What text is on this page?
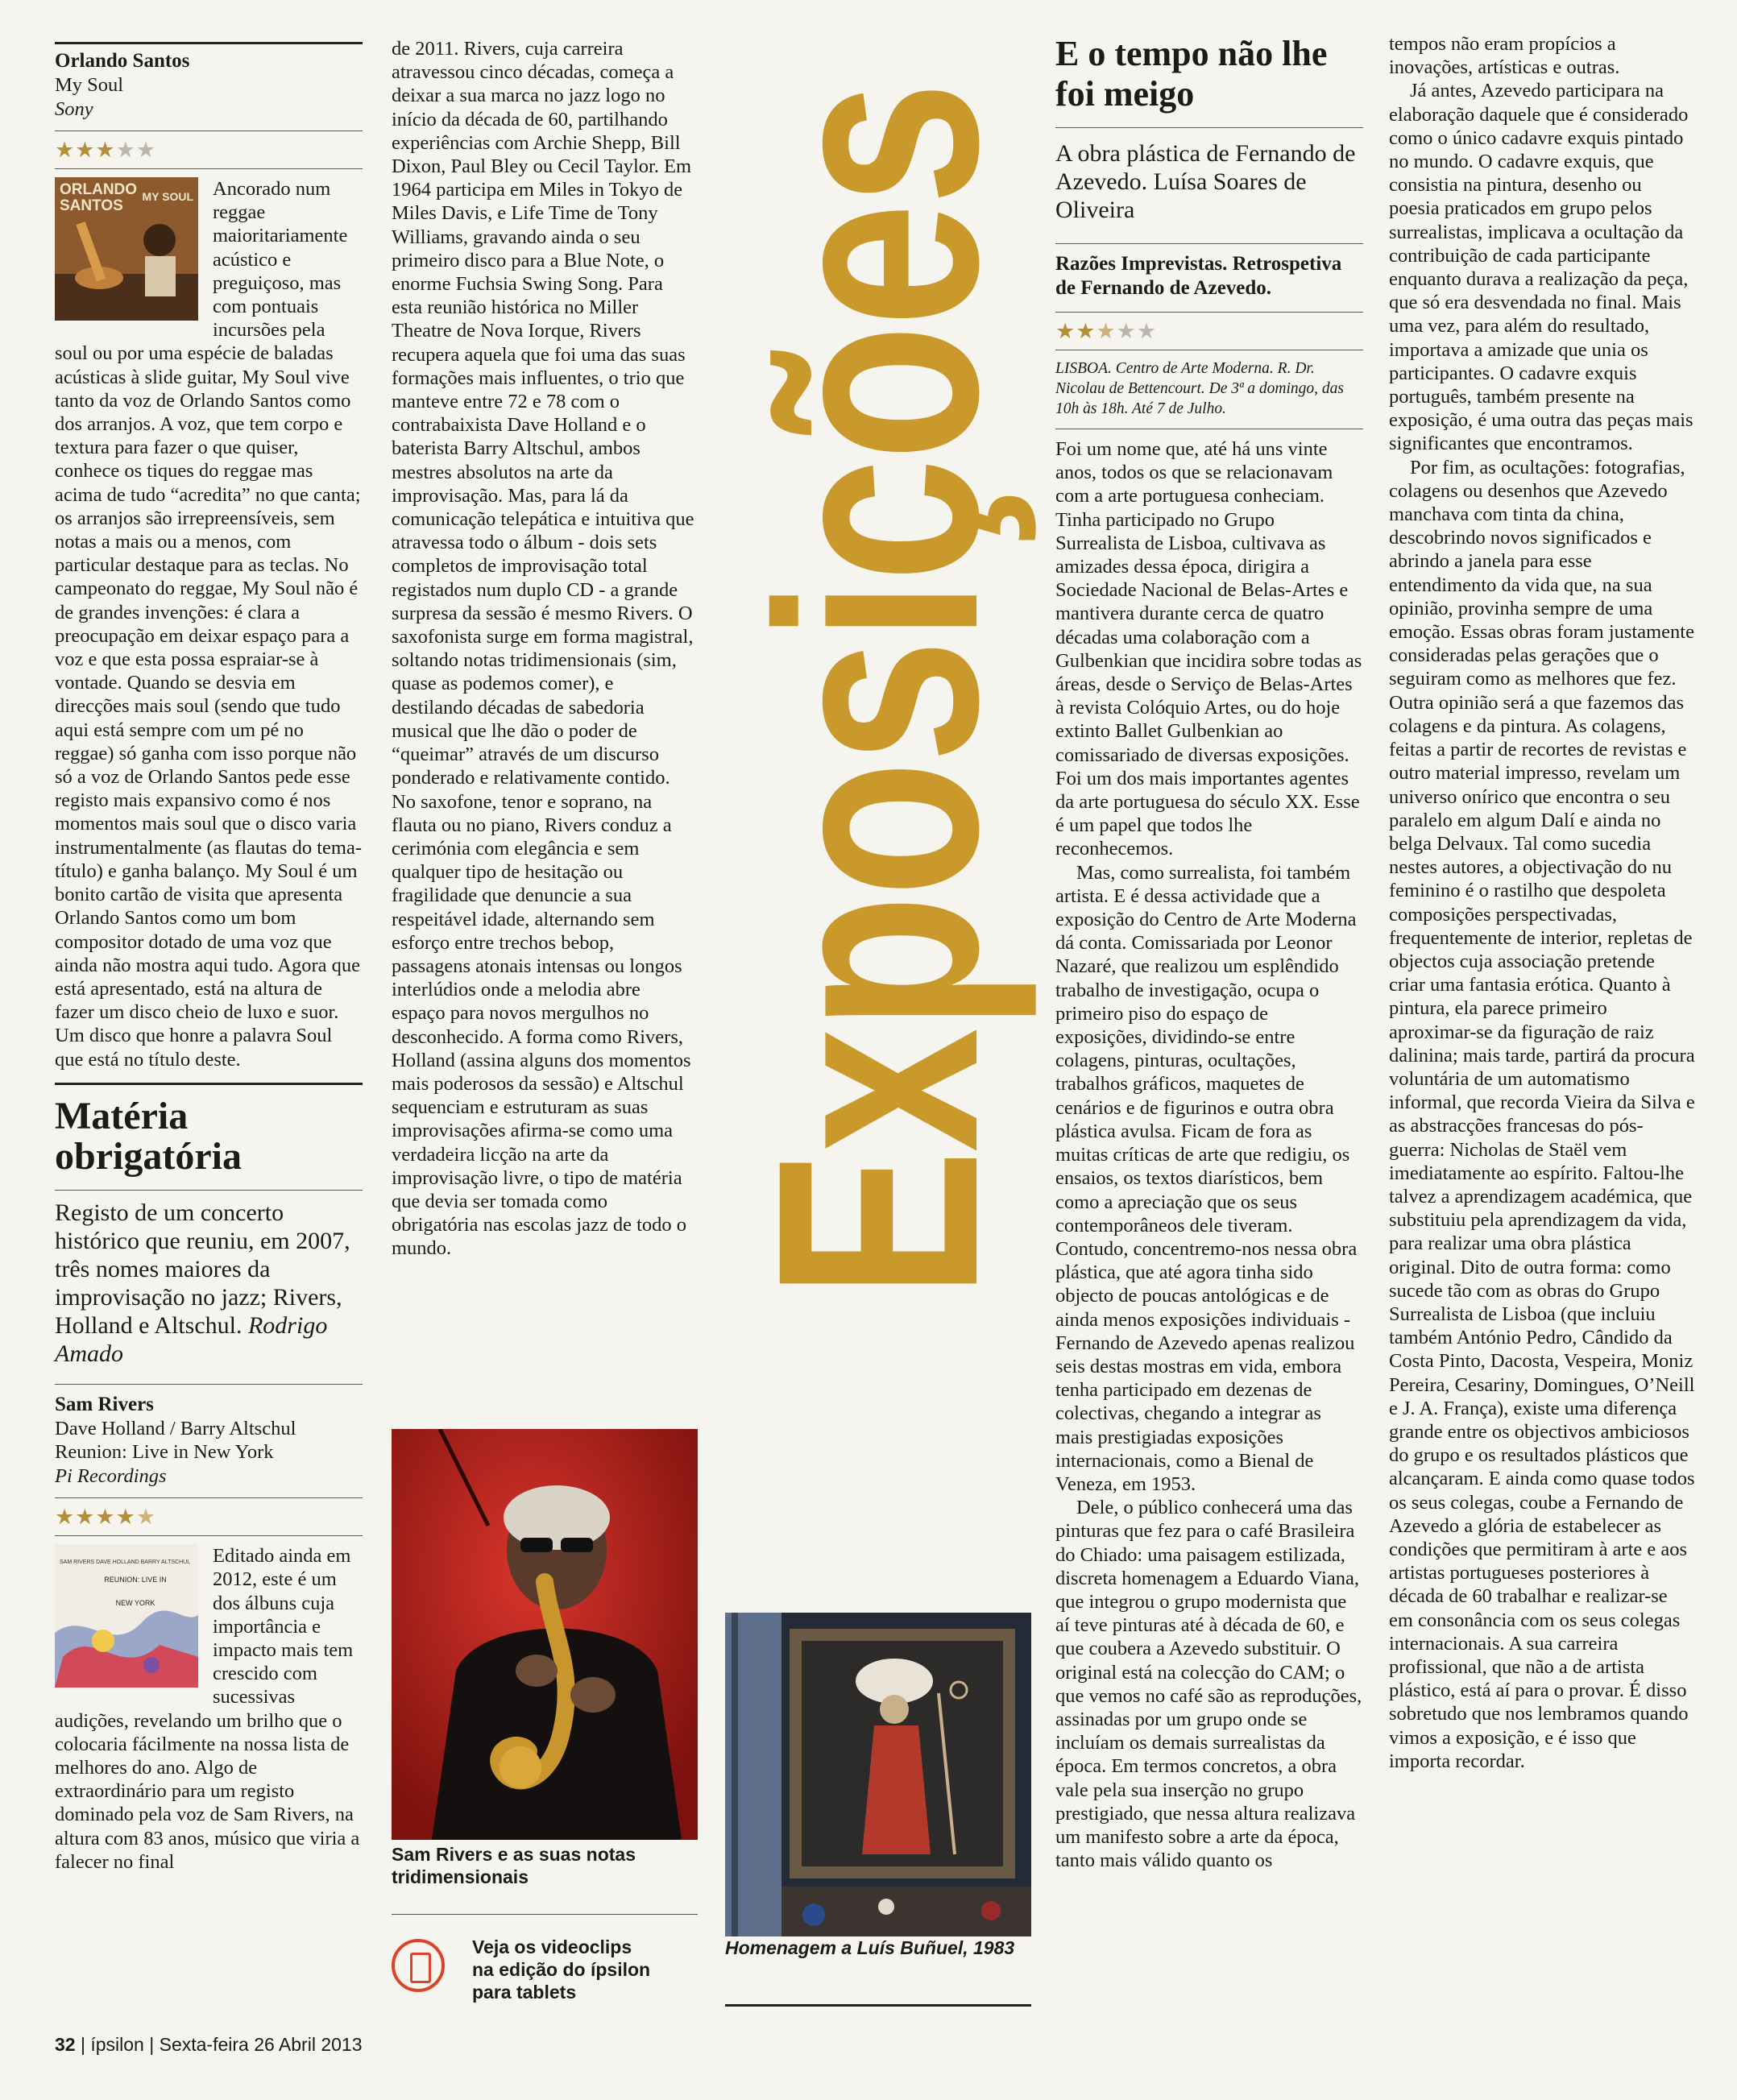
Orlando Santos
My Soul
Sony
★★★★★
ORLANDO SANTOS
MY SOUL Ancorado num reggae maioritariamente acústico e preguiçoso, mas com pontuais incursões pela soul ou por uma espécie de baladas acústicas à slide guitar, My Soul vive tanto da voz de Orlando Santos como dos arranjos. A voz, que tem corpo e textura para fazer o que quiser, conhece os tiques do reggae mas acima de tudo “acredita” no que canta; os arranjos são irrepreensíveis, sem notas a mais ou a menos, com particular destaque para as teclas. No campeonato do reggae, My Soul não é de grandes invenções: é clara a preocupação em deixar espaço para a voz e que esta possa espraiar-se à vontade. Quando se desvia em direcções mais soul (sendo que tudo aqui está sempre com um pé no reggae) só ganha com isso porque não só a voz de Orlando Santos pede esse registo mais expansivo como é nos momentos mais soul que o disco varia instrumentalmente (as flautas do tema-título) e ganha balanço. My Soul é um bonito cartão de visita que apresenta Orlando Santos como um bom compositor dotado de uma voz que ainda não mostra aqui tudo. Agora que está apresentado, está na altura de fazer um disco cheio de luxo e suor. Um disco que honre a palavra Soul que está no título deste.

Matéria obrigatória
Registo de um concerto histórico que reuniu, em 2007, três nomes maiores da improvisação no jazz; Rivers, Holland e Altschul. Rodrigo Amado
Sam Rivers
Dave Holland / Barry Altschul
Reunion: Live in New York
Pi Recordings
★★★★★
SAM RIVERS DAVE HOLLAND BARRY ALTSCHUL
REUNION: LIVE IN NEW YORK

Editado ainda em 2012, este é um dos álbuns cuja importância e impacto mais tem crescido com sucessivas audições, revelando um brilho que o colocaria fácilmente na nossa lista de melhores do ano. Algo de extraordinário para um registo dominado pela voz de Sam Rivers, na altura com 83 anos, músico que viria a falecer no final

de 2011. Rivers, cuja carreira atravessou cinco décadas, começa a deixar a sua marca no jazz logo no início da década de 60, partilhando experiências com Archie Shepp, Bill Dixon, Paul Bley ou Cecil Taylor. Em 1964 participa em Miles in Tokyo de Miles Davis, e Life Time de Tony Williams, gravando ainda o seu primeiro disco para a Blue Note, o enorme Fuchsia Swing Song. Para esta reunião histórica no Miller Theatre de Nova Iorque, Rivers recupera aquela que foi uma das suas formações mais influentes, o trio que manteve entre 72 e 78 com o contrabaixista Dave Holland e o baterista Barry Altschul, ambos mestres absolutos na arte da improvisação. Mas, para lá da comunicação telepática e intuitiva que atravessa todo o álbum - dois sets completos de improvisação total registados num duplo CD - a grande surpresa da sessão é mesmo Rivers. O saxofonista surge em forma magistral, soltando notas tridimensionais (sim, quase as podemos comer), e destilando décadas de sabedoria musical que lhe dão o poder de “queimar” através de um discurso ponderado e relativamente contido. No saxofone, tenor e soprano, na flauta ou no piano, Rivers conduz a cerimónia com elegância e sem qualquer tipo de hesitação ou fragilidade que denuncie a sua respeitável idade, alternando sem esforço entre trechos bebop, passagens atonais intensas ou longos interlúdios onde a melodia abre espaço para novos mergulhos no desconhecido. A forma como Rivers, Holland (assina alguns dos momentos mais poderosos da sessão) e Altschul sequenciam e estruturam as suas improvisações afirma-se como uma verdadeira licção na arte da improvisação livre, o tipo de matéria que devia ser tomada como obrigatória nas escolas jazz de todo o mundo.

Sam Rivers e as suas notas tridimensionais
Veja os videoclips na edição do ípsilon para tablets
Exposições
Homenagem a Luís Buñuel, 1983
E o tempo não lhe foi meigo
A obra plástica de Fernando de Azevedo. Luísa Soares de Oliveira
Razões Imprevistas. Retrospetiva de Fernando de Azevedo.
★★★★★
LISBOA. Centro de Arte Moderna. R. Dr. Nicolau de Bettencourt. De 3ª a domingo, das 10h às 18h. Até 7 de Julho.

Foi um nome que, até há uns vinte anos, todos os que se relacionavam com a arte portuguesa conheciam. Tinha participado no Grupo Surrealista de Lisboa, cultivava as amizades dessa época, dirigira a Sociedade Nacional de Belas-Artes e mantivera durante cerca de quatro décadas uma colaboração com a Gulbenkian que incidira sobre todas as áreas, desde o Serviço de Belas-Artes à revista Colóquio Artes, ou do hoje extinto Ballet Gulbenkian ao comissariado de diversas exposições. Foi um dos mais importantes agentes da arte portuguesa do século XX. Esse é um papel que todos lhe reconhecemos.

Mas, como surrealista, foi também artista. E é dessa actividade que a exposição do Centro de Arte Moderna dá conta. Comissariada por Leonor Nazaré, que realizou um esplêndido trabalho de investigação, ocupa o primeiro piso do espaço de exposições, dividindo-se entre colagens, pinturas, ocultações, trabalhos gráficos, maquetes de cenários e de figurinos e outra obra plástica avulsa. Ficam de fora as muitas críticas de arte que redigiu, os ensaios, os textos diarísticos, bem como a apreciação que os seus contemporâneos dele tiveram. Contudo, concentremo-nos nessa obra plástica, que até agora tinha sido objecto de poucas antológicas e de ainda menos exposições individuais - Fernando de Azevedo apenas realizou seis destas mostras em vida, embora tenha participado em dezenas de colectivas, chegando a integrar as mais prestigiadas exposições internacionais, como a Bienal de Veneza, em 1953.

Dele, o público conhecerá uma das pinturas que fez para o café Brasileira do Chiado: uma paisagem estilizada, discreta homenagem a Eduardo Viana, que integrou o grupo modernista que aí teve pinturas até à década de 60, e que coubera a Azevedo substituir. O original está na colecção do CAM; o que vemos no café são as reproduções, assinadas por um grupo onde se incluíam os demais surrealistas da época. Em termos concretos, a obra vale pela sua inserção no grupo prestigiado, que nessa altura realizava um manifesto sobre a arte da época, tanto mais válido quanto os

tempos não eram propícios a inovações, artísticas e outras.

Já antes, Azevedo participara na elaboração daquele que é considerado como o único cadavre exquis pintado no mundo. O cadavre exquis, que consistia na pintura, desenho ou poesia praticados em grupo pelos surrealistas, implicava a ocultação da contribuição de cada participante enquanto durava a realização da peça, que só era desvendada no final. Mais uma vez, para além do resultado, importava a amizade que unia os participantes. O cadavre exquis português, também presente na exposição, é uma outra das peças mais significantes que encontramos.

Por fim, as ocultações: fotografias, colagens ou desenhos que Azevedo manchava com tinta da china, descobrindo novos significados e abrindo a janela para esse entendimento da vida que, na sua opinião, provinha sempre de uma emoção. Essas obras foram justamente consideradas pelas gerações que o seguiram como as melhores que fez. Outra opinião será a que fazemos das colagens e da pintura. As colagens, feitas a partir de recortes de revistas e outro material impresso, revelam um universo onírico que encontra o seu paralelo em algum Dalí e ainda no belga Delvaux. Tal como sucedia nestes autores, a objectivação do nu feminino é o rastilho que despoleta composições perspectivadas, frequentemente de interior, repletas de objectos cuja associação pretende criar uma fantasia erótica. Quanto à pintura, ela parece primeiro aproximar-se da figuração de raiz dalinina; mais tarde, partirá da procura voluntária de um automatismo informal, que recorda Vieira da Silva e as abstracções francesas do pós-guerra: Nicholas de Staël vem imediatamente ao espírito. Faltou-lhe talvez a aprendizagem académica, que substituiu pela aprendizagem da vida, para realizar uma obra plástica original. Dito de outra forma: como sucede tão com as obras do Grupo Surrealista de Lisboa (que incluiu também António Pedro, Cândido da Costa Pinto, Dacosta, Vespeira, Moniz Pereira, Cesariny, Domingues, O’Neill e J. A. França), existe uma diferença grande entre os objectivos ambiciosos do grupo e os resultados plásticos que alcançaram. E ainda como quase todos os seus colegas, coube a Fernando de Azevedo a glória de estabelecer as condições que permitiram à arte e aos artistas portugueses posteriores à década de 60 trabalhar e realizar-se em consonância com os seus colegas internacionais. A sua carreira profissional, que não a de artista plástico, está aí para o provar. É disso sobretudo que nos lembramos quando vimos a exposição, e é isso que importa recordar.

32 | ípsilon | Sexta-feira 26 Abril 2013
